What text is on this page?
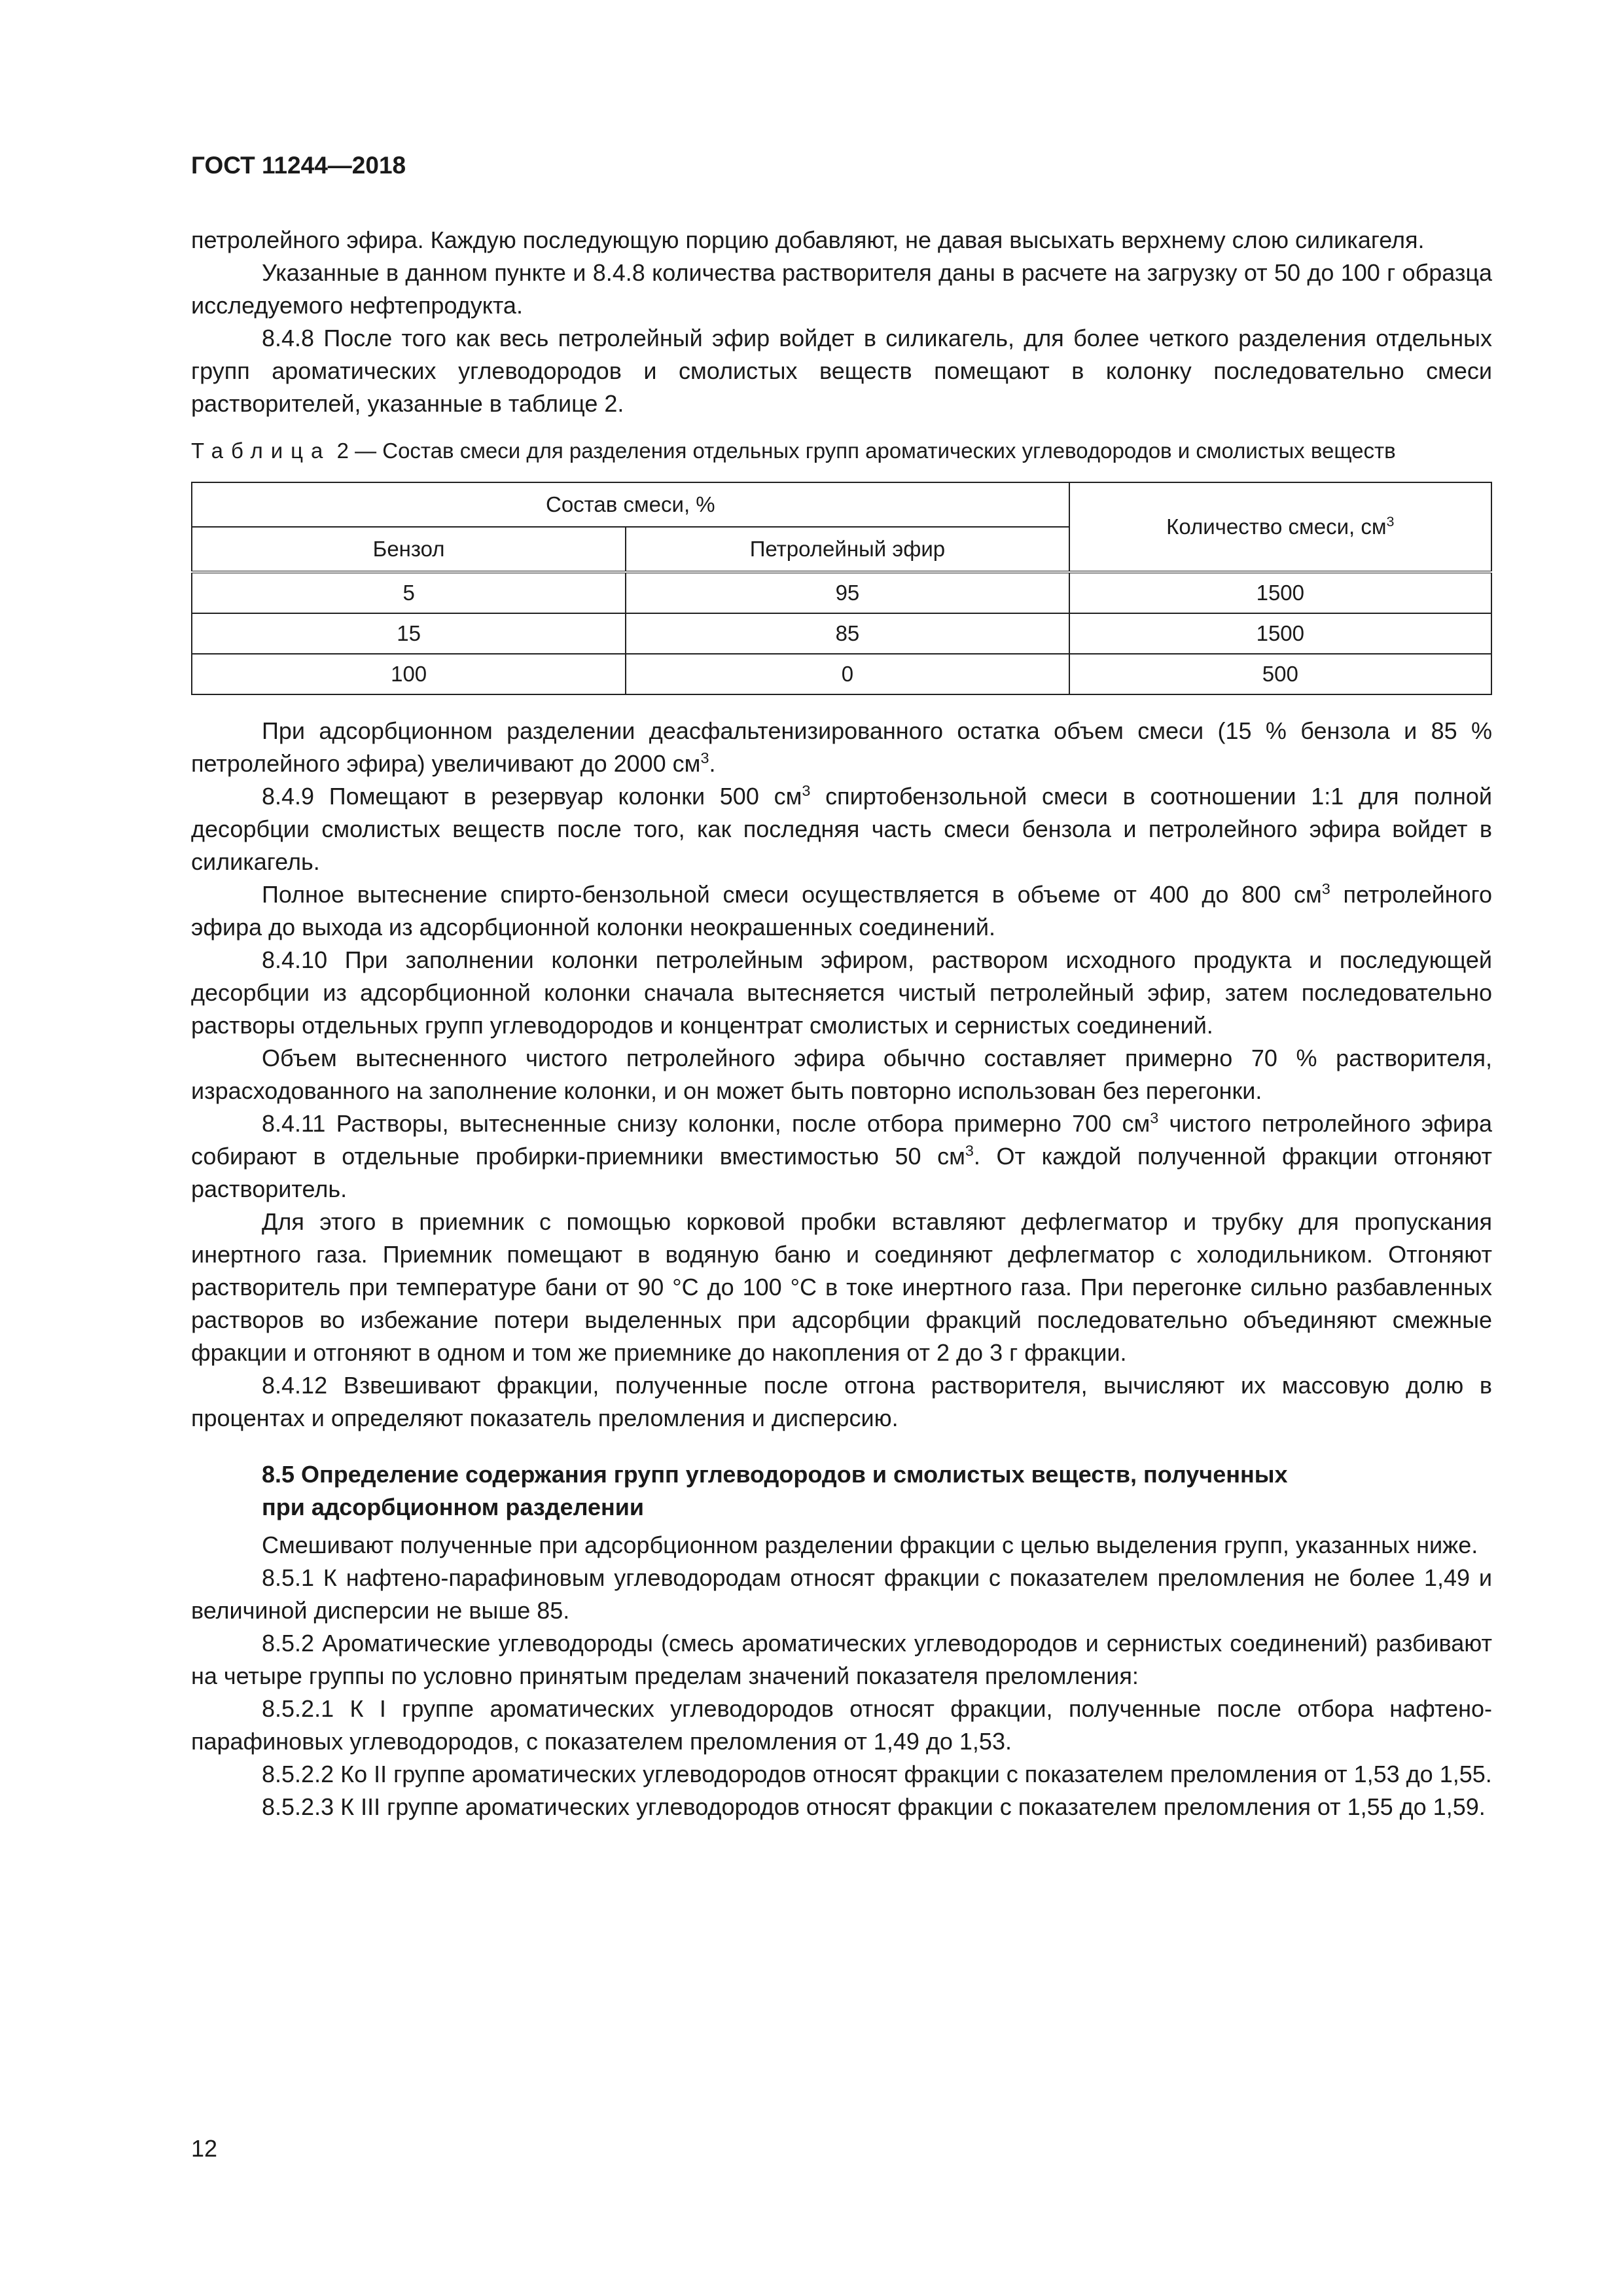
ГОСТ 11244—2018

петролейного эфира. Каждую последующую порцию добавляют, не давая высыхать верхнему слою силикагеля.

Указанные в данном пункте и 8.4.8 количества растворителя даны в расчете на загрузку от 50 до 100 г образца исследуемого нефтепродукта.

8.4.8 После того как весь петролейный эфир войдет в силикагель, для более четкого разделения отдельных групп ароматических углеводородов и смолистых веществ помещают в колонку последовательно смеси растворителей, указанные в таблице 2.

Таблица 2 — Состав смеси для разделения отдельных групп ароматических углеводородов и смолистых веществ
Состав смеси, %		Количество смеси, $см^3$
Бензол	Петролейный эфир	
5	95	1500
15	85	1500
100	0	500

При адсорбционном разделении деасфальтенизированного остатка объем смеси (15 % бензола и 85 % петролейного эфира) увеличивают до 2000 $см^3$.

8.4.9 Помещают в резервуар колонки 500 $см^3$ спиртобензольной смеси в соотношении 1:1 для полной десорбции смолистых веществ после того, как последняя часть смеси бензола и петролейного эфира войдет в силикагель.

Полное вытеснение спирто-бензольной смеси осуществляется в объеме от 400 до 800 $см^3$ петролейного эфира до выхода из адсорбционной колонки неокрашенных соединений.

8.4.10 При заполнении колонки петролейным эфиром, раствором исходного продукта и последующей десорбции из адсорбционной колонки сначала вытесняется чистый петролейный эфир, затем последовательно растворы отдельных групп углеводородов и концентрат смолистых и сернистых соединений.

Объем вытесненного чистого петролейного эфира обычно составляет примерно 70 % растворителя, израсходованного на заполнение колонки, и он может быть повторно использован без перегонки.

8.4.11 Растворы, вытесненные снизу колонки, после отбора примерно 700 $см^3$ чистого петролейного эфира собирают в отдельные пробирки-приемники вместимостью 50 $см^3$. От каждой полученной фракции отгоняют растворитель.

Для этого в приемник с помощью корковой пробки вставляют дефлегматор и трубку для пропускания инертного газа. Приемник помещают в водяную баню и соединяют дефлегматор с холодильником. Отгоняют растворитель при температуре бани от 90 °С до 100 °С в токе инертного газа. При перегонке сильно разбавленных растворов во избежание потери выделенных при адсорбции фракций последовательно объединяют смежные фракции и отгоняют в одном и том же приемнике до накопления от 2 до 3 г фракции.

8.4.12 Взвешивают фракции, полученные после отгона растворителя, вычисляют их массовую долю в процентах и определяют показатель преломления и дисперсию.

8.5 Определение содержания групп углеводородов и смолистых веществ, полученных
при адсорбционном разделении

Смешивают полученные при адсорбционном разделении фракции с целью выделения групп, указанных ниже.

8.5.1 К нафтено-парафиновым углеводородам относят фракции с показателем преломления не более 1,49 и величиной дисперсии не выше 85.

8.5.2 Ароматические углеводороды (смесь ароматических углеводородов и сернистых соединений) разбивают на четыре группы по условно принятым пределам значений показателя преломления:

8.5.2.1 К I группе ароматических углеводородов относят фракции, полученные после отбора нафтено-парафиновых углеводородов, с показателем преломления от 1,49 до 1,53.

8.5.2.2 Ко II группе ароматических углеводородов относят фракции с показателем преломления от 1,53 до 1,55.

8.5.2.3 К III группе ароматических углеводородов относят фракции с показателем преломления от 1,55 до 1,59.

12
